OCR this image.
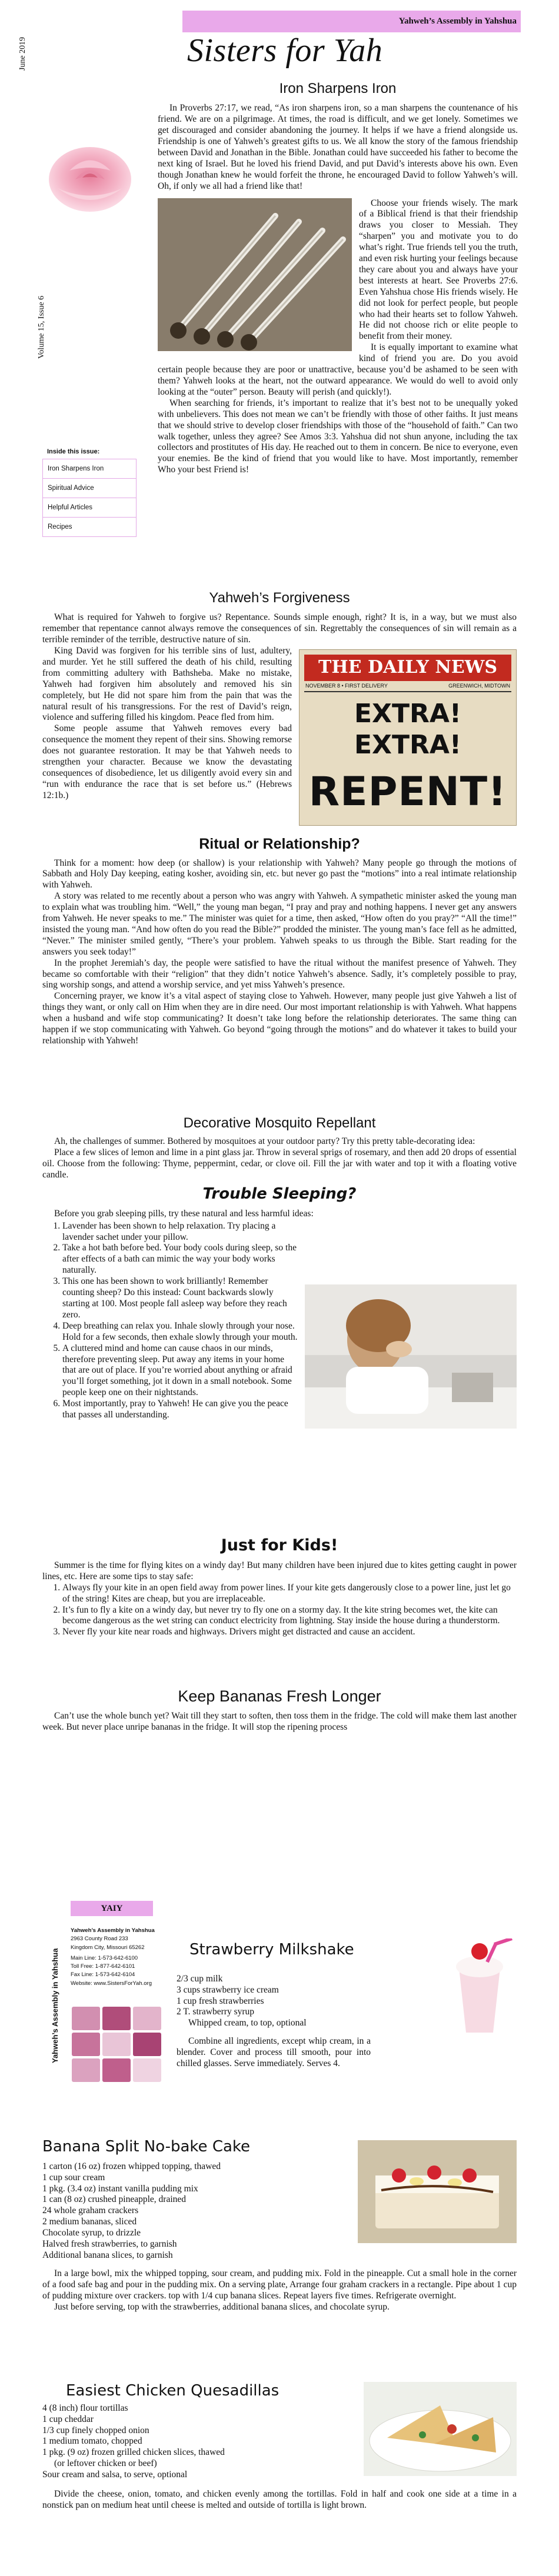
Yahweh’s Assembly in Yahshua
Sisters for Yah
June 2019
Volume 15, Issue 6
Inside this issue:
Iron Sharpens Iron
Spiritual Advice
Helpful Articles
Recipes
Iron Sharpens Iron

In Proverbs 27:17, we read, “As iron sharpens iron, so a man sharpens the countenance of his friend. We are on a pilgrimage. At times, the road is difficult, and we get lonely. Sometimes we get discouraged and consider abandoning the journey. It helps if we have a friend alongside us. Friendship is one of Yahweh’s greatest gifts to us. We all know the story of the famous friendship between David and Jonathan in the Bible. Jonathan could have succeeded his father to become the next king of Israel. But he loved his friend David, and put David’s interests above his own. Even though Jonathan knew he would forfeit the throne, he encouraged David to follow Yahweh’s will. Oh, if only we all had a friend like that!

Choose your friends wisely. The mark of a Biblical friend is that their friendship draws you closer to Messiah. They “sharpen” you and motivate you to do what’s right. True friends tell you the truth, and even risk hurting your feelings because they care about you and always have your best interests at heart. See Proverbs 27:6. Even Yahshua chose His friends wisely. He did not look for perfect people, but people who had their hearts set to follow Yahweh. He did not choose rich or elite people to benefit from their money.

It is equally important to examine what kind of friend you are. Do you avoid certain people because they are poor or unattractive, because you’d be ashamed to be seen with them? Yahweh looks at the heart, not the outward appearance. We would do well to avoid only looking at the “outer” person. Beauty will perish (and quickly!).

When searching for friends, it’s important to realize that it’s best not to be unequally yoked with unbelievers. This does not mean we can’t be friendly with those of other faiths. It just means that we should strive to develop closer friendships with those of the “household of faith.” Can two walk together, unless they agree? See Amos 3:3. Yahshua did not shun anyone, including the tax collectors and prostitutes of His day. He reached out to them in concern. Be nice to everyone, even your enemies. Be the kind of friend that you would like to have. Most importantly, remember Who your best Friend is!

Yahweh’s Forgiveness

What is required for Yahweh to forgive us? Repentance. Sounds simple enough, right? It is, in a way, but we must also remember that repentance cannot always remove the consequences of sin. Regrettably the consequences of sin will remain as a terrible reminder of the terrible, destructive nature of sin.

THE DAILY NEWS
NOVEMBER 8 • FIRST DELIVERY	GREENWICH, MIDTOWN
EXTRA! EXTRA!
REPENT!

King David was forgiven for his terrible sins of lust, adultery, and murder. Yet he still suffered the death of his child, resulting from committing adultery with Bathsheba. Make no mistake, Yahweh had forgiven him absolutely and removed his sin completely, but He did not spare him from the pain that was the natural result of his transgressions. For the rest of David’s reign, violence and suffering filled his kingdom. Peace fled from him.

Some people assume that Yahweh removes every bad consequence the moment they repent of their sins. Showing remorse does not guarantee restoration. It may be that Yahweh needs to strengthen your character. Because we know the devastating consequences of disobedience, let us diligently avoid every sin and “run with endurance the race that is set before us.” (Hebrews 12:1b.)

Ritual or Relationship?

Think for a moment: how deep (or shallow) is your relationship with Yahweh? Many people go through the motions of Sabbath and Holy Day keeping, eating kosher, avoiding sin, etc. but never go past the “motions” into a real intimate relationship with Yahweh.

A story was related to me recently about a person who was angry with Yahweh. A sympathetic minister asked the young man to explain what was troubling him. “Well,” the young man began, “I pray and pray and nothing happens. I never get any answers from Yahweh. He never speaks to me.” The minister was quiet for a time, then asked, “How often do you pray?” “All the time!” insisted the young man. “And how often do you read the Bible?” prodded the minister. The young man’s face fell as he admitted, “Never.” The minister smiled gently, “There’s your problem. Yahweh speaks to us through the Bible. Start reading for the answers you seek today!”

In the prophet Jeremiah’s day, the people were satisfied to have the ritual without the manifest presence of Yahweh. They became so comfortable with their “religion” that they didn’t notice Yahweh’s absence. Sadly, it’s completely possible to pray, sing worship songs, and attend a worship service, and yet miss Yahweh’s presence.

Concerning prayer, we know it’s a vital aspect of staying close to Yahweh. However, many people just give Yahweh a list of things they want, or only call on Him when they are in dire need. Our most important relationship is with Yahweh. What happens when a husband and wife stop communicating? It doesn’t take long before the relationship deteriorates. The same thing can happen if we stop communicating with Yahweh. Go beyond “going through the motions” and do whatever it takes to build your relationship with Yahweh!

Decorative Mosquito Repellant

Ah, the challenges of summer. Bothered by mosquitoes at your outdoor party? Try this pretty table-decorating idea:

Place a few slices of lemon and lime in a pint glass jar. Throw in several sprigs of rosemary, and then add 20 drops of essential oil. Choose from the following: Thyme, peppermint, cedar, or clove oil. Fill the jar with water and top it with a floating votive candle.

Trouble Sleeping?

Before you grab sleeping pills, try these natural and less harmful ideas:

1. Lavender has been shown to help relaxation. Try placing a lavender sachet under your pillow.
2. Take a hot bath before bed. Your body cools during sleep, so the after effects of a bath can mimic the way your body works naturally.
3. This one has been shown to work brilliantly! Remember counting sheep? Do this instead: Count backwards slowly starting at 100. Most people fall asleep way before they reach zero.
4. Deep breathing can relax you. Inhale slowly through your nose. Hold for a few seconds, then exhale slowly through your mouth.
5. A cluttered mind and home can cause chaos in our minds, therefore preventing sleep. Put away any items in your home that are out of place. If you’re worried about anything or afraid you’ll forget something, jot it down in a small notebook. Some people keep one on their nightstands.
6. Most importantly, pray to Yahweh! He can give you the peace that passes all understanding.
Just for Kids!

Summer is the time for flying kites on a windy day! But many children have been injured due to kites getting caught in power lines, etc. Here are some tips to stay safe:

1. Always fly your kite in an open field away from power lines. If your kite gets dangerously close to a power line, just let go of the string! Kites are cheap, but you are irreplaceable.
2. It’s fun to fly a kite on a windy day, but never try to fly one on a stormy day. It the kite string becomes wet, the kite can become dangerous as the wet string can conduct electricity from lightning. Stay inside the house during a thunderstorm.
3. Never fly your kite near roads and highways. Drivers might get distracted and cause an accident.
Keep Bananas Fresh Longer

Can’t use the whole bunch yet? Wait till they start to soften, then toss them in the fridge. The cold will make them last another week. But never place unripe bananas in the fridge. It will stop the ripening process

YAIY
Yahweh’s Assembly in Yahshua
Yahweh’s Assembly in Yahshua
2963 County Road 233
Kingdom City, Missouri 65262
Main Line: 1-573-642-6100
Toll Free: 1-877-642-6101
Fax Line: 1-573-642-6104
Website: www.SistersForYah.org
Strawberry Milkshake
2/3 cup milk
3 cups strawberry ice cream
1 cup fresh strawberries
2 T. strawberry syrup
Whipped cream, to top, optional

Combine all ingredients, except whip cream, in a blender. Cover and process till smooth, pour into chilled glasses. Serve immediately. Serves 4.

Banana Split No-bake Cake
1 carton (16 oz) frozen whipped topping, thawed
1 cup sour cream
1 pkg. (3.4 oz) instant vanilla pudding mix
1 can (8 oz) crushed pineapple, drained
24 whole graham crackers
2 medium bananas, sliced
Chocolate syrup, to drizzle
Halved fresh strawberries, to garnish
Additional banana slices, to garnish

In a large bowl, mix the whipped topping, sour cream, and pudding mix. Fold in the pineapple. Cut a small hole in the corner of a food safe bag and pour in the pudding mix. On a serving plate, Arrange four graham crackers in a rectangle. Pipe about 1 cup of pudding mixture over crackers. top with 1/4 cup banana slices. Repeat layers five times. Refrigerate overnight.

Just before serving, top with the strawberries, additional banana slices, and chocolate syrup.

Easiest Chicken Quesadillas
4 (8 inch) flour tortillas
1 cup cheddar
1/3 cup finely chopped onion
1 medium tomato, chopped
1 pkg. (9 oz) frozen grilled chicken slices, thawed
(or leftover chicken or beef)
Sour cream and salsa, to serve, optional

Divide the cheese, onion, tomato, and chicken evenly among the tortillas. Fold in half and cook one side at a time in a nonstick pan on medium heat until cheese is melted and outside of tortilla is light brown.
